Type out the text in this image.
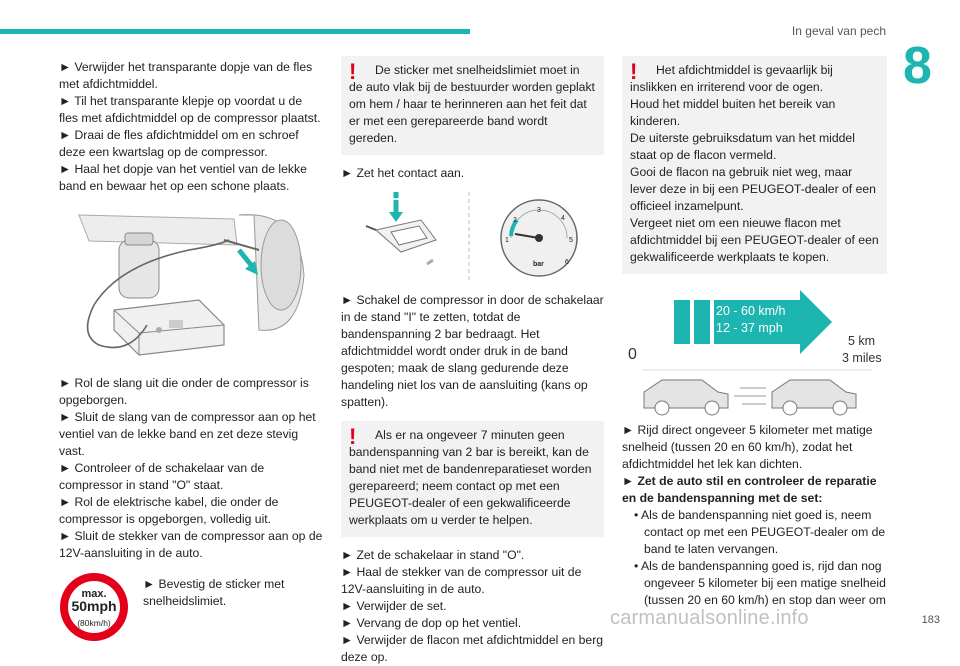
In geval van pech
8

► Verwijder het transparante dopje van de fles met afdichtmiddel.

► Til het transparante klepje op voordat u de fles met afdichtmiddel op de compressor plaatst.

► Draai de fles afdichtmiddel om en schroef deze een kwartslag op de compressor.

► Haal het dopje van het ventiel van de lekke band en bewaar het op een schone plaats.

► Rol de slang uit die onder de compressor is opgeborgen.

► Sluit de slang van de compressor aan op het ventiel van de lekke band en zet deze stevig vast.

► Controleer of de schakelaar van de compressor in stand "O" staat.

► Rol de elektrische kabel, die onder de compressor is opgeborgen, volledig uit.

► Sluit de stekker van de compressor aan op de 12V-aansluiting in de auto.

max.
50mph
(80km/h)

► Bevestig de sticker met snelheidslimiet.

!	De sticker met snelheidslimiet moet in de auto vlak bij de bestuurder worden geplakt om hem / haar te herinneren aan het feit dat er met een gerepareerde band wordt gereden.

► Zet het contact aan.

1
2
3
4
5
6
bar

► Schakel de compressor in door de schakelaar in de stand "I" te zetten, totdat de bandenspanning 2 bar bedraagt. Het afdichtmiddel wordt onder druk in de band gespoten; maak de slang gedurende deze handeling niet los van de aansluiting (kans op spatten).

!	Als er na ongeveer 7 minuten geen bandenspanning van 2 bar is bereikt, kan de band niet met de bandenreparatieset worden gerepareerd; neem contact op met een PEUGEOT-dealer of een gekwalificeerde werkplaats om u verder te helpen.

► Zet de schakelaar in stand "O".

► Haal de stekker van de compressor uit de 12V-aansluiting in de auto.

► Verwijder de set.

► Vervang de dop op het ventiel.

► Verwijder de flacon met afdichtmiddel en berg deze op.

!	Het afdichtmiddel is gevaarlijk bij inslikken en irriterend voor de ogen.
Houd het middel buiten het bereik van kinderen.
De uiterste gebruiksdatum van het middel staat op de flacon vermeld.
Gooi de flacon na gebruik niet weg, maar lever deze in bij een PEUGEOT-dealer of een officieel inzamelpunt.
Vergeet niet om een nieuwe flacon met afdichtmiddel bij een PEUGEOT-dealer of een gekwalificeerde werkplaats te kopen.

20 - 60 km/h
12 - 37 mph
0
5 km
3 miles

► Rijd direct ongeveer 5 kilometer met matige snelheid (tussen 20 en 60 km/h), zodat het afdichtmiddel het lek kan dichten.

► Zet de auto stil en controleer de reparatie en de bandenspanning met de set:

• Als de bandenspanning niet goed is, neem contact op met een PEUGEOT-dealer om de band te laten vervangen.

• Als de bandenspanning goed is, rijd dan nog ongeveer 5 kilometer bij een matige snelheid (tussen 20 en 60 km/h) en stop dan weer om

carmanualsonline.info	183
